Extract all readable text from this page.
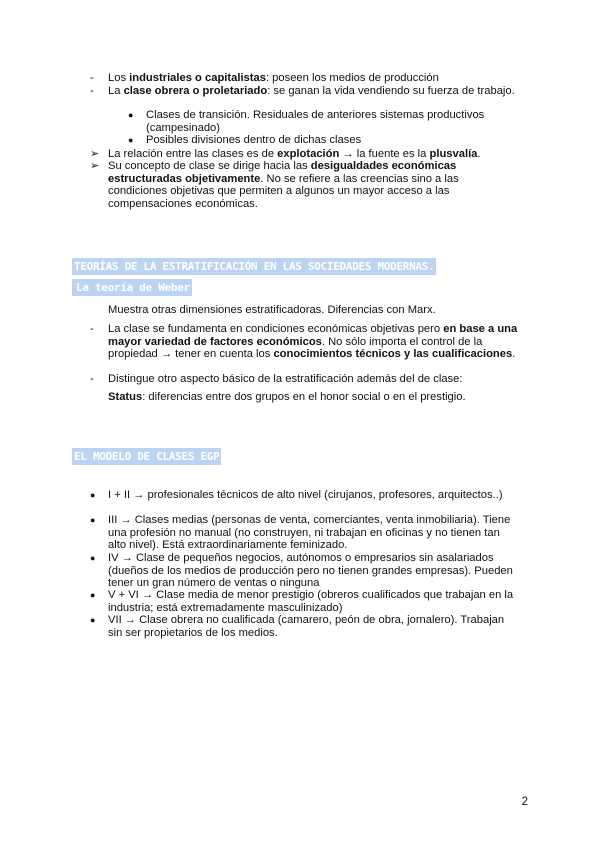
- Los industriales o capitalistas: poseen los medios de producción
- La clase obrera o proletariado: se ganan la vida vendiendo su fuerza de trabajo.
● Clases de transición. Residuales de anteriores sistemas productivos (campesinado)
● Posibles divisiones dentro de dichas clases
➢ La relación entre las clases es de explotación → la fuente es la plusvalía.
➢ Su concepto de clase se dirige hacia las desigualdades económicas estructuradas objetivamente. No se refiere a las creencias sino a las condiciones objetivas que permiten a algunos un mayor acceso a las compensaciones económicas.
TEORÍAS DE LA ESTRATIFICACIÓN EN LAS SOCIEDADES MODERNAS.
La teoría de Weber
Muestra otras dimensiones estratificadoras. Diferencias con Marx.
- La clase se fundamenta en condiciones económicas objetivas pero en base a una mayor variedad de factores económicos. No sólo importa el control de la propiedad → tener en cuenta los conocimientos técnicos y las cualificaciones.
- Distingue otro aspecto básico de la estratificación además del de clase:
Status: diferencias entre dos grupos en el honor social o en el prestigio.
EL MODELO DE CLASES EGP
● I + II → profesionales técnicos de alto nivel (cirujanos, profesores, arquitectos..)
● III → Clases medias (personas de venta, comerciantes, venta inmobiliaria). Tiene una profesión no manual (no construyen, ni trabajan en oficinas y no tienen tan alto nivel). Está extraordinariamente feminizado.
● IV → Clase de pequeños negocios, autónomos o empresarios sin asalariados (dueños de los medios de producción pero no tienen grandes empresas). Pueden tener un gran número de ventas o ninguna
● V + VI → Clase media de menor prestigio (obreros cualificados que trabajan en la industria; está extremadamente masculinizado)
● VII → Clase obrera no cualificada (camarero, peón de obra, jornalero). Trabajan sin ser propietarios de los medios.
2
